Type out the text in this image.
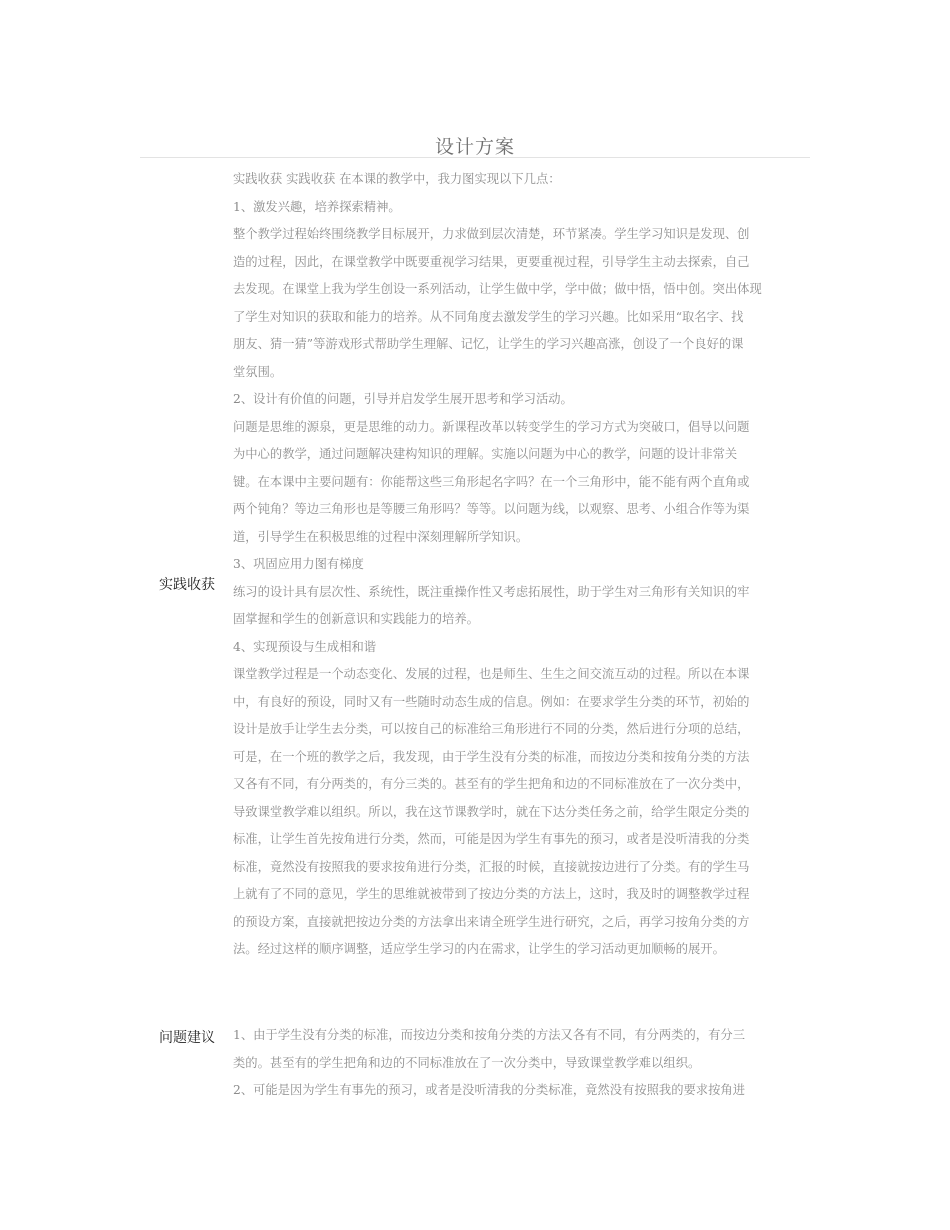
设计方案
实践收获
实践收获 实践收获 在本课的教学中，我力图实现以下几点：
1、激发兴趣，培养探索精神。
整个教学过程始终围绕教学目标展开，力求做到层次清楚，环节紧凑。学生学习知识是发现、创
造的过程，因此，在课堂教学中既要重视学习结果，更要重视过程，引导学生主动去探索，自己
去发现。在课堂上我为学生创设一系列活动，让学生做中学，学中做；做中悟，悟中创。突出体现
了学生对知识的获取和能力的培养。从不同角度去激发学生的学习兴趣。比如采用“取名字、找
朋友、猜一猜”等游戏形式帮助学生理解、记忆，让学生的学习兴趣高涨，创设了一个良好的课
堂氛围。
2、设计有价值的问题，引导并启发学生展开思考和学习活动。
问题是思维的源泉，更是思维的动力。新课程改革以转变学生的学习方式为突破口，倡导以问题
为中心的教学，通过问题解决建构知识的理解。实施以问题为中心的教学，问题的设计非常关
键。在本课中主要问题有：你能帮这些三角形起名字吗？在一个三角形中，能不能有两个直角或
两个钝角？等边三角形也是等腰三角形吗？等等。以问题为线，以观察、思考、小组合作等为渠
道，引导学生在积极思维的过程中深刻理解所学知识。
3、巩固应用力图有梯度
练习的设计具有层次性、系统性，既注重操作性又考虑拓展性，助于学生对三角形有关知识的牢
固掌握和学生的创新意识和实践能力的培养。
4、实现预设与生成相和谐
课堂教学过程是一个动态变化、发展的过程，也是师生、生生之间交流互动的过程。所以在本课
中，有良好的预设，同时又有一些随时动态生成的信息。例如：在要求学生分类的环节，初始的
设计是放手让学生去分类，可以按自己的标准给三角形进行不同的分类，然后进行分项的总结，
可是，在一个班的教学之后，我发现，由于学生没有分类的标准，而按边分类和按角分类的方法
又各有不同，有分两类的，有分三类的。甚至有的学生把角和边的不同标准放在了一次分类中，
导致课堂教学难以组织。所以，我在这节课教学时，就在下达分类任务之前，给学生限定分类的
标准，让学生首先按角进行分类，然而，可能是因为学生有事先的预习，或者是没听清我的分类
标准，竟然没有按照我的要求按角进行分类，汇报的时候，直接就按边进行了分类。有的学生马
上就有了不同的意见，学生的思维就被带到了按边分类的方法上，这时，我及时的调整教学过程
的预设方案，直接就把按边分类的方法拿出来请全班学生进行研究，之后，再学习按角分类的方
法。经过这样的顺序调整，适应学生学习的内在需求，让学生的学习活动更加顺畅的展开。
问题建议 1、由于学生没有分类的标准，而按边分类和按角分类的方法又各有不同，有分两类的，有分三
类的。甚至有的学生把角和边的不同标准放在了一次分类中，导致课堂教学难以组织。
2、可能是因为学生有事先的预习，或者是没听清我的分类标准，竟然没有按照我的要求按角进
